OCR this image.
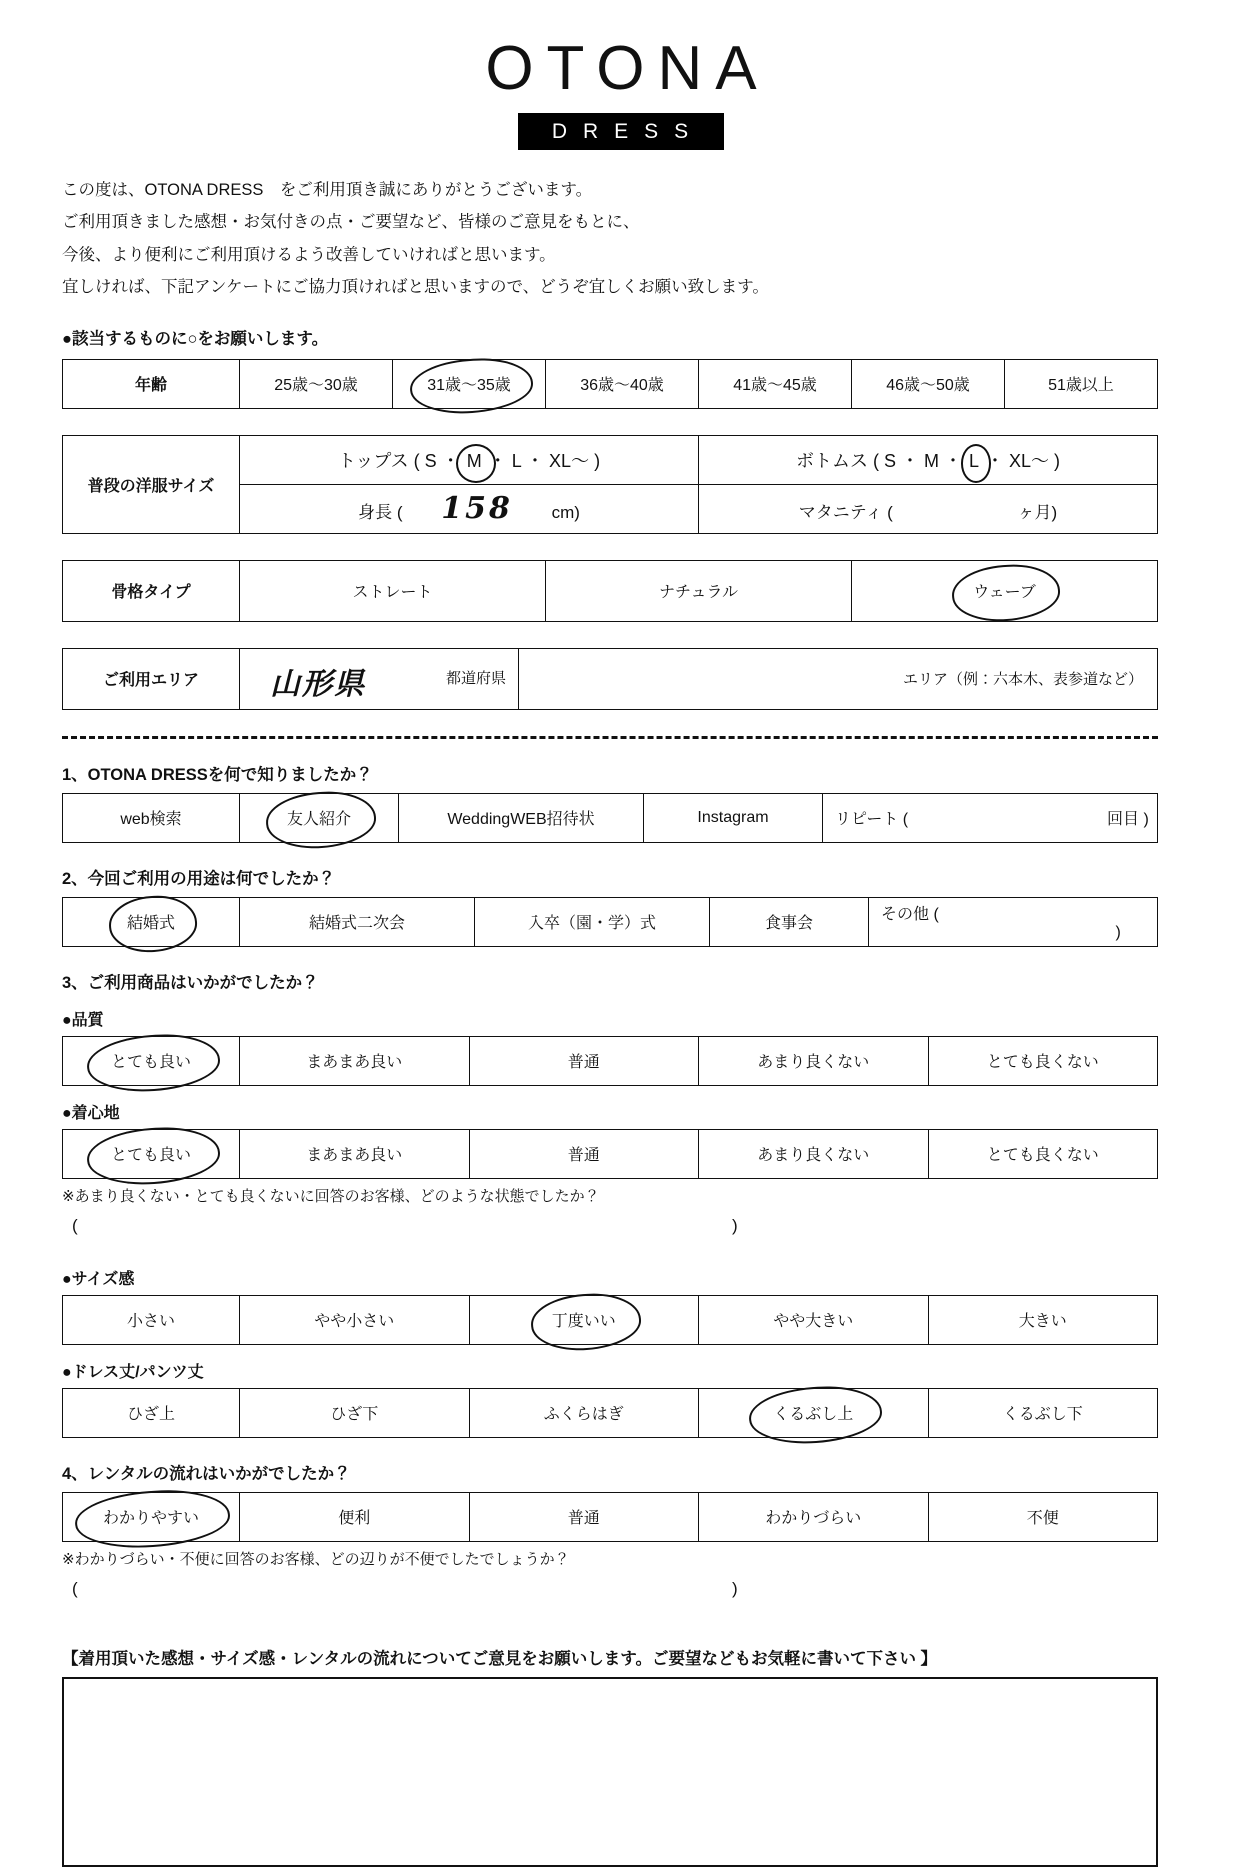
OTONA
DRESS
この度は、OTONA DRESS　をご利用頂き誠にありがとうございます。
ご利用頂きました感想・お気付きの点・ご要望など、皆様のご意見をもとに、
今後、より便利にご利用頂けるよう改善していければと思います。
宜しければ、下記アンケートにご協力頂ければと思いますので、どうぞ宜しくお願い致します。
●該当するものに○をお願いします。
年齢	25歳〜30歳	31歳〜35歳	36歳〜40歳	41歳〜45歳	46歳〜50歳	51歳以上
普段の洋服サイズ	トップス ( S ・ M ・ L ・ XL〜 )	ボトムス ( S ・ M ・ L ・ XL〜 )
	身長 ( 158 cm)	マタニティ ( ヶ月)
骨格タイプ	ストレート	ナチュラル	ウェーブ
ご利用エリア	山形県	都道府県	エリア（例：六本木、表参道など）
1、OTONA DRESSを何で知りましたか？
web検索	友人紹介	WeddingWEB招待状	Instagram	リピート (	回目 )
2、今回ご利用の用途は何でしたか？
結婚式	結婚式二次会	入卒（園・学）式	食事会	その他 (  )
3、ご利用商品はいかがでしたか？
●品質
とても良い	まあまあ良い	普通	あまり良くない	とても良くない
●着心地
とても良い	まあまあ良い	普通	あまり良くない	とても良くない
※あまり良くない・とても良くないに回答のお客様、どのような状態でしたか？
(	)
●サイズ感
小さい	やや小さい	丁度いい	やや大きい	大きい
●ドレス丈/パンツ丈
ひざ上	ひざ下	ふくらはぎ	くるぶし上	くるぶし下
4、レンタルの流れはいかがでしたか？
わかりやすい	便利	普通	わかりづらい	不便
※わかりづらい・不便に回答のお客様、どの辺りが不便でしたでしょうか？
(	)
【着用頂いた感想・サイズ感・レンタルの流れについてご意見をお願いします。ご要望などもお気軽に書いて下さい 】
